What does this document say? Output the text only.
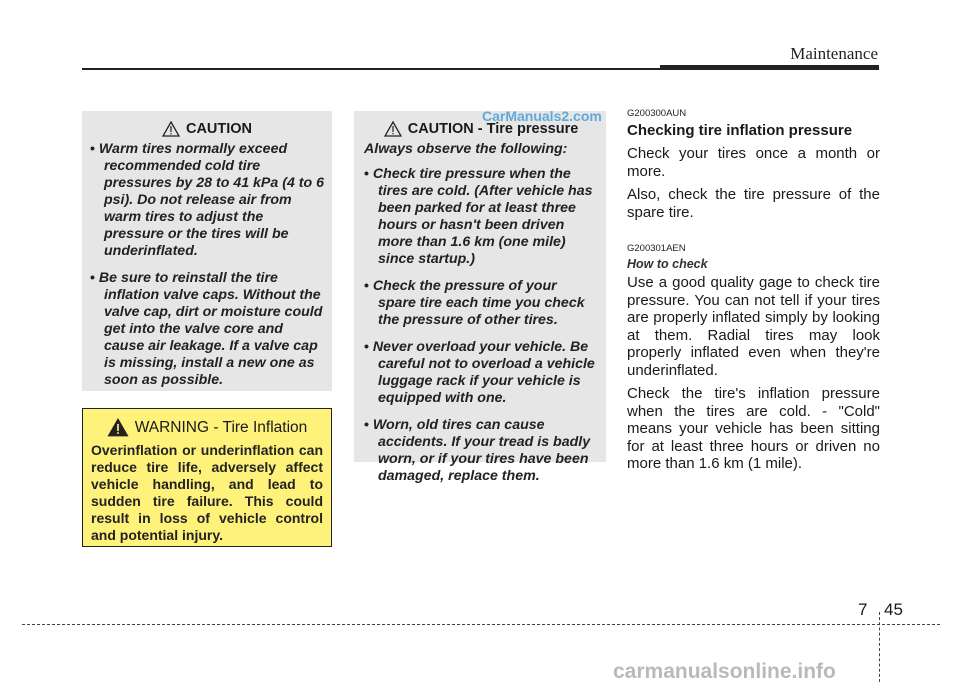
Maintenance
CAUTION
• Warm tires normally exceed recommended cold tire pressures by 28 to 41 kPa (4 to 6 psi). Do not release air from warm tires to adjust the pressure or the tires will be underinflated.
• Be sure to reinstall the tire inflation valve caps. Without the valve cap, dirt or moisture could get into the valve core and cause air leakage. If a valve cap is missing, install a new one as soon as possible.
WARNING - Tire Inflation
Overinflation or underinflation can reduce tire life, adversely affect vehicle handling, and lead to sudden tire failure. This could result in loss of vehicle control and potential injury.
CAUTION - Tire pressure
Always observe the following:
• Check tire pressure when the tires are cold. (After vehicle has been parked for at least three hours or hasn't been driven more than 1.6 km (one mile) since startup.)
• Check the pressure of your spare tire each time you check the pressure of other tires.
• Never overload your vehicle. Be careful not to overload a vehicle luggage rack if your vehicle is equipped with one.
• Worn, old tires can cause accidents. If your tread is badly worn, or if your tires have been damaged, replace them.
CarManuals2.com	G200300AUN
Checking tire inflation pressure

Check your tires once a month or more.

Also, check the tire pressure of the spare tire.

G200301AEN
How to check

Use a good quality gage to check tire pressure. You can not tell if your tires are properly inflated simply by looking at them. Radial tires may look properly inflated even when they're underinflated.

Check the tire's inflation pressure when the tires are cold. - "Cold" means your vehicle has been sitting for at least three hours or driven no more than 1.6 km (1 mile).

7 45
carmanualsonline.info
